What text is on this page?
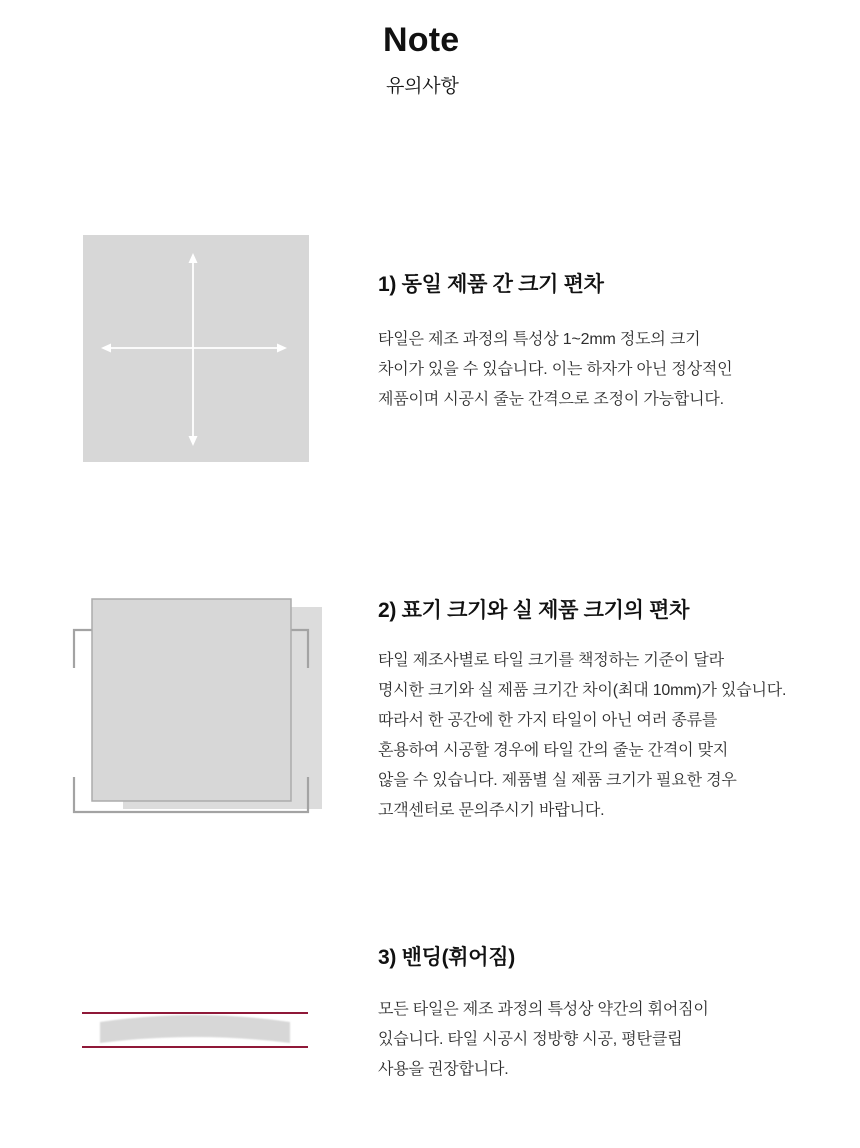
Note
유의사항
1) 동일 제품 간 크기 편차
타일은 제조 과정의 특성상 1~2mm 정도의 크기
차이가 있을 수 있습니다. 이는 하자가 아닌 정상적인
제품이며 시공시 줄눈 간격으로 조정이 가능합니다.
2) 표기 크기와 실 제품 크기의 편차
타일 제조사별로 타일 크기를 책정하는 기준이 달라
명시한 크기와 실 제품 크기간 차이(최대 10mm)가 있습니다.
따라서 한 공간에 한 가지 타일이 아닌 여러 종류를
혼용하여 시공할 경우에 타일 간의 줄눈 간격이 맞지
않을 수 있습니다. 제품별 실 제품 크기가 필요한 경우
고객센터로 문의주시기 바랍니다.
3) 밴딩(휘어짐)
모든 타일은 제조 과정의 특성상 약간의 휘어짐이
있습니다. 타일 시공시 정방향 시공, 평탄클립
사용을 권장합니다.
